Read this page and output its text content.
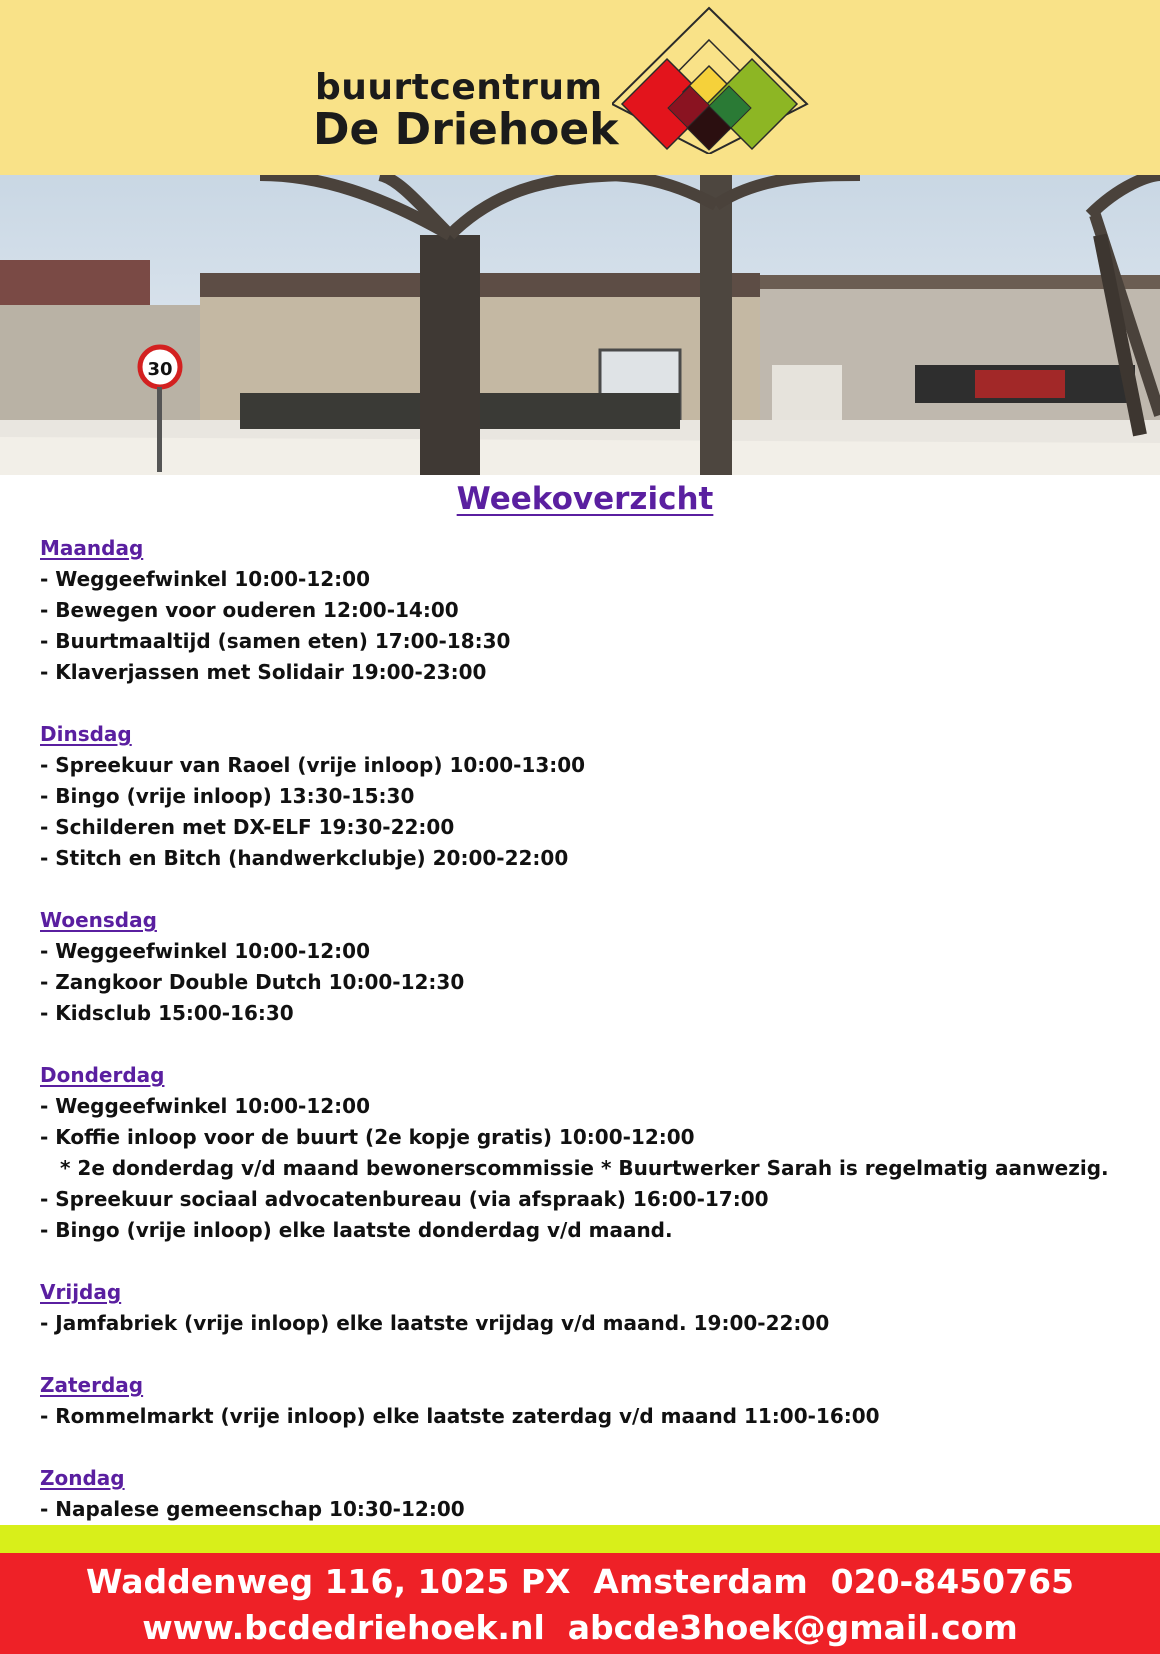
buurtcentrum
De Driehoek
30
Weekoverzicht
Maandag
- Weggeefwinkel 10:00-12:00
- Bewegen voor ouderen 12:00-14:00
- Buurtmaaltijd (samen eten) 17:00-18:30
- Klaverjassen met Solidair 19:00-23:00
Dinsdag
- Spreekuur van Raoel (vrije inloop) 10:00-13:00
- Bingo (vrije inloop) 13:30-15:30
- Schilderen met DX-ELF 19:30-22:00
- Stitch en Bitch (handwerkclubje) 20:00-22:00
Woensdag
- Weggeefwinkel 10:00-12:00
- Zangkoor Double Dutch 10:00-12:30
- Kidsclub 15:00-16:30
Donderdag
- Weggeefwinkel 10:00-12:00
- Koffie inloop voor de buurt (2e kopje gratis) 10:00-12:00
* 2e donderdag v/d maand bewonerscommissie * Buurtwerker Sarah is regelmatig aanwezig.
- Spreekuur sociaal advocatenbureau (via afspraak) 16:00-17:00
- Bingo (vrije inloop) elke laatste donderdag v/d maand.
Vrijdag
- Jamfabriek (vrije inloop) elke laatste vrijdag v/d maand. 19:00-22:00
Zaterdag
- Rommelmarkt (vrije inloop) elke laatste zaterdag v/d maand 11:00-16:00
Zondag
- Napalese gemeenschap 10:30-12:00
Waddenweg 116, 1025 PX  Amsterdam  020-8450765
www.bcdedriehoek.nl  abcde3hoek@gmail.com
